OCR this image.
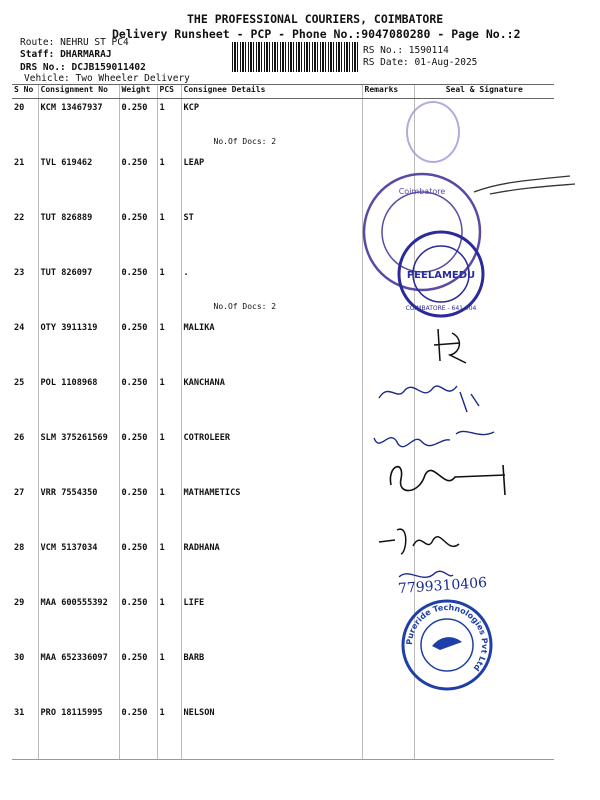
THE PROFESSIONAL COURIERS, COIMBATORE
Delivery Runsheet - PCP - Phone No.:9047080280 - Page No.:2
Route: NEHRU ST PC4
Staff: DHARMARAJ
DRS No.: DCJB159011402
Vehicle: Two Wheeler Delivery
RS No.: 1590114
RS Date: 01-Aug-2025
S No	Consignment No	Weight	PCS	Consignee Details	Remarks	Seal & Signature
20	KCM 13467937	0.250	1	KCP
No.Of Docs: 2		

21	TVL 619462	0.250	1	LEAP		
22	TUT 826889	0.250	1	ST		
23	TUT 826097	0.250	1	.
No.Of Docs: 2		

24	OTY 3911319	0.250	1	MALIKA		
25	POL 1108968	0.250	1	KANCHANA		
26	SLM 375261569	0.250	1	COTROLEER		
27	VRR 7554350	0.250	1	MATHAMETICS		
28	VCM 5137034	0.250	1	RADHANA		
29	MAA 600555392	0.250	1	LIFE		
30	MAA 652336097	0.250	1	BARB		
31	PRO 18115995	0.250	1	NELSON		
Coimbatore
PEELAMEDU
COIMBATORE - 641 004
7799310406
Pureride Technologies Pvt Ltd
